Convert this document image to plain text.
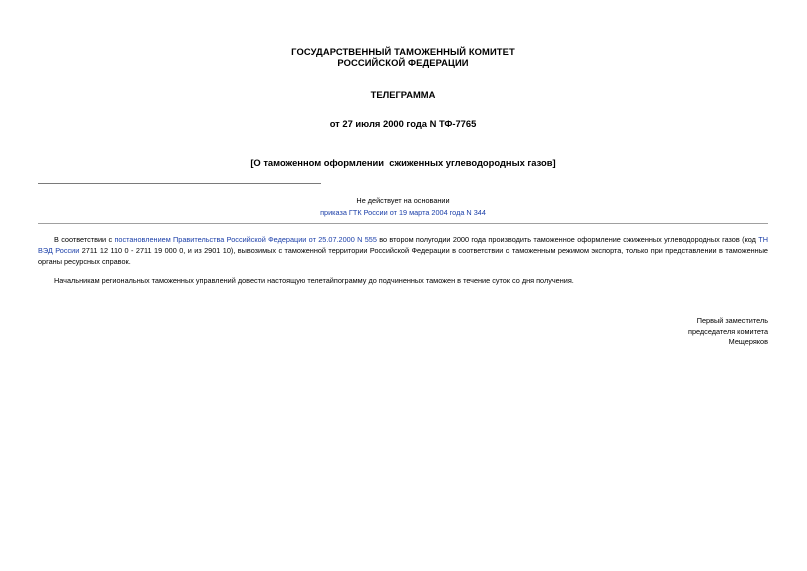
ГОСУДАРСТВЕННЫЙ ТАМОЖЕННЫЙ КОМИТЕТ
РОССИЙСКОЙ ФЕДЕРАЦИИ
ТЕЛЕГРАММА
от 27 июля 2000 года N ТФ-7765
[О таможенном оформлении  сжиженных углеводородных газов]
Не действует на основании
приказа ГТК России от 19 марта 2004 года N 344
В соответствии с постановлением Правительства Российской Федерации от 25.07.2000 N 555 во втором полугодии 2000 года производить таможенное оформление сжиженных углеводородных газов (код ТН ВЭД России 2711 12 110 0 - 2711 19 000 0, и из 2901 10), вывозимых с таможенной территории Российской Федерации в соответствии с таможенным режимом экспорта, только при представлении в таможенные органы ресурсных справок.
Начальникам региональных таможенных управлений довести настоящую телетайпограмму до подчиненных таможен в течение суток со дня получения.
Первый заместитель
председателя комитета
Мещеряков
